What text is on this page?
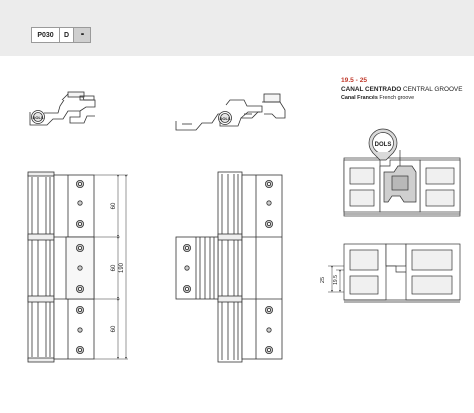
P030	D	••
19.5 - 25
CANAL CENTRADO CENTRAL GROOVE
Canal Francés French groove
DOLS	DOLS
60
60
60
190
DOLS
25 19.5
